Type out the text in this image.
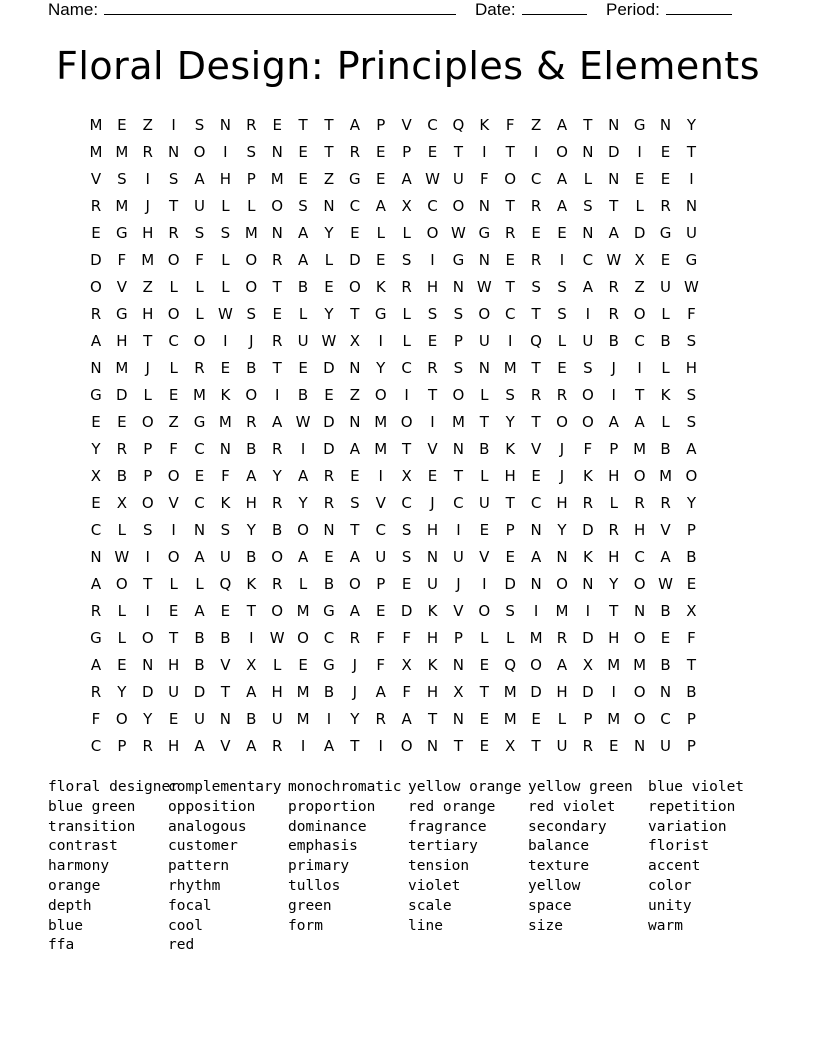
Name:	Date:	Period:
Floral Design: Principles & Elements
M E	Z	I	S	N	R	E	T	T	A	P	V	C Q	K	F	Z	A	T	N G N	Y
M M R	N O	I	S	N	E	T	R	E	P	E	T	I	T	I	O N D	I	E	T
V	S	I	S	A	H	P M E	Z G	E	A W U	F	O C	A	L	N	E	E	I
R M	J	T	U	L	L	O	S	N	C	A	X	C O N	T	R	A	S	T	L	R	N
E	G H	R	S	S M N	A	Y	E	L	L	O W G R	E	E	N	A D G U
D	F	M O	F	L	O R	A	L	D	E	S	I	G N	E	R	I	C W X	E	G
O V	Z	L	L	L	O	T	B	E	O	K	R	H N W T	S	S	A	R	Z	U W
R G H O	L W S	E	L	Y	T	G	L	S	S	O C	T	S	I	R O	L	F
A	H	T	C O	I	J	R	U W X	I	L	E	P	U	I	Q	L	U	B	C	B	S
N M	J	L	R	E	B	T	E	D N	Y	C	R	S	N M T	E	S	J	I	L	H
G D	L	E M K	O	I	B	E	Z O	I	T	O	L	S	R	R O	I	T	K	S
E	E	O Z G M R	A W D N M O	I	M T	Y	T	O O A	A	L	S
Y	R	P	F	C	N	B	R	I	D A M T	V	N	B	K	V	J	F	P M B	A
X	B	P	O	E	F	A	Y	A	R	E	I	X	E	T	L	H	E	J	K	H O M O
E	X O V	C	K	H	R	Y	R	S	V	C	J	C	U	T	C	H	R	L	R	R	Y
C	L	S	I	N	S	Y	B O N	T	C	S	H	I	E	P	N	Y	D R	H	V	P
N W	I	O A	U	B O A	E	A	U	S	N U	V	E	A	N	K	H	C	A	B
A O	T	L	L	Q	K	R	L	B O	P	E	U	J	I	D N O N	Y	O W E
R	L	I	E	A	E	T	O M G A	E	D	K	V O	S	I	M	I	T	N	B	X
G	L	O	T	B	B	I	W O C	R	F	F	H	P	L	L	M R D H O	E	F
A	E	N H	B	V	X	L	E	G	J	F	X	K	N	E	Q O A	X M M B	T
R	Y	D U D	T	A	H M B	J	A	F	H	X	T M D H D	I	O N	B
F	O	Y	E	U N	B	U M	I	Y	R	A	T	N	E M E	L	P M O C	P
C	P	R	H	A	V	A	R	I	A	T	I	O N	T	E	X	T	U	R	E	N U	P
floral designer
blue green
transition
contrast
harmony
orange
depth
blue
ffa
complementary
opposition
analogous
customer
pattern
rhythm
focal
cool
red
monochromatic
proportion
dominance
emphasis
primary
tullos
green
form
yellow orange
red orange
fragrance
tertiary
tension
violet
scale
line
yellow green
red violet
secondary
balance
texture
yellow
space
size
blue violet
repetition
variation
florist
accent
color
unity
warm
